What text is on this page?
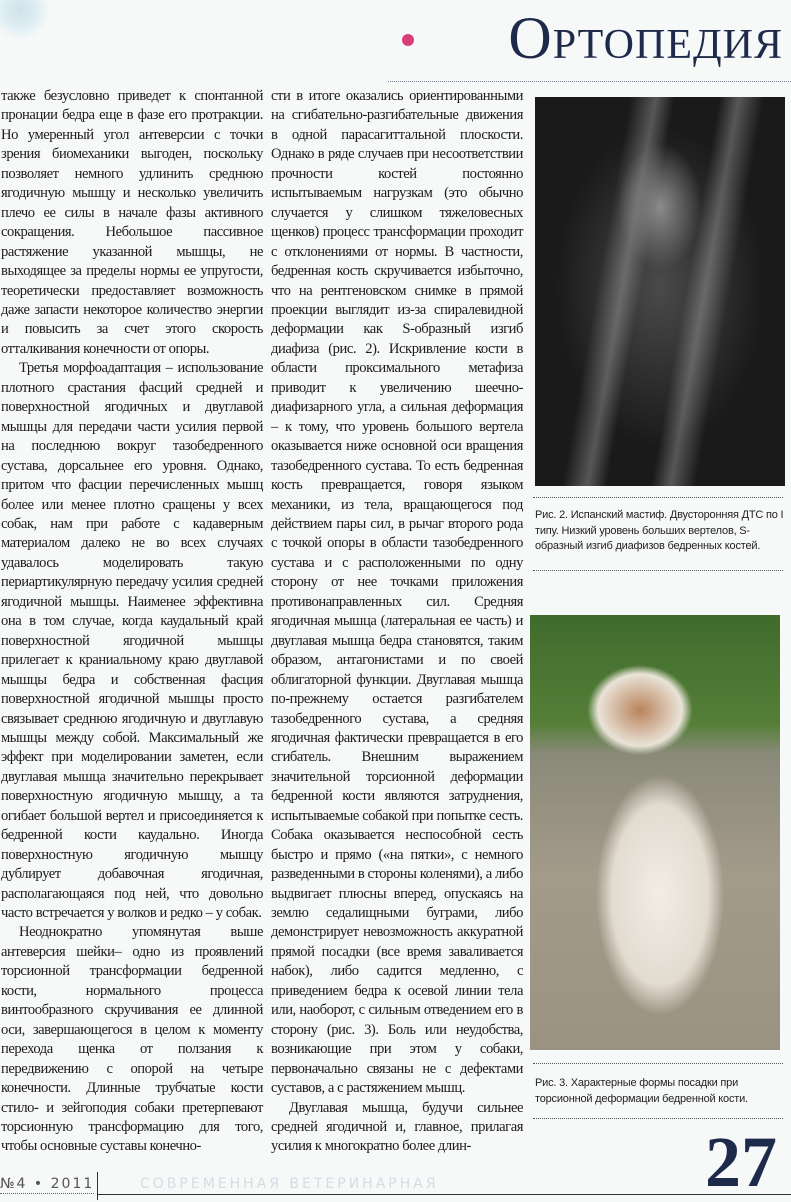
Ортопедия

также безусловно приведет к спонтанной пронации бедра еще в фазе его протракции. Но умеренный угол антеверсии с точки зрения биомеханики выгоден, поскольку позволяет немного удлинить среднюю ягодичную мышцу и несколько увеличить плечо ее силы в начале фазы активного сокращения. Небольшое пассивное растяжение указанной мышцы, не выходящее за пределы нормы ее упругости, теоретически предоставляет возможность даже запасти некоторое количество энергии и повысить за счет этого скорость отталкивания конечности от опоры.

Третья морфоадаптация – использование плотного срастания фасций средней и поверхностной ягодичных и двуглавой мышцы для передачи части усилия первой на последнюю вокруг тазобедренного сустава, дорсальнее его уровня. Однако, притом что фасции перечисленных мышц более или менее плотно сращены у всех собак, нам при работе с кадаверным материалом далеко не во всех случаях удавалось моделировать такую периартикулярную передачу усилия средней ягодичной мышцы. Наименее эффективна она в том случае, когда каудальный край поверхностной ягодичной мышцы прилегает к краниальному краю двуглавой мышцы бедра и собственная фасция поверхностной ягодичной мышцы просто связывает среднюю ягодичную и двуглавую мышцы между собой. Максимальный же эффект при моделировании заметен, если двуглавая мышца значительно перекрывает поверхностную ягодичную мышцу, а та огибает большой вертел и присоединяется к бедренной кости каудально. Иногда поверхностную ягодичную мышцу дублирует добавочная ягодичная, располагающаяся под ней, что довольно часто встречается у волков и редко – у собак.

Неоднократно упомянутая выше антеверсия шейки– одно из проявлений торсионной трансформации бедренной кости, нормального процесса винтообразного скручивания ее длинной оси, завершающегося в целом к моменту перехода щенка от ползания к передвижению с опорой на четыре конечности. Длинные трубчатые кости стило- и зейгоподия собаки претерпевают торсионную трансформацию для того, чтобы основные суставы конечно-

сти в итоге оказались ориентированными на сгибательно-разгибательные движения в одной парасагиттальной плоскости. Однако в ряде случаев при несоответствии прочности костей постоянно испытываемым нагрузкам (это обычно случается у слишком тяжеловесных щенков) процесс трансформации проходит с отклонениями от нормы. В частности, бедренная кость скручивается избыточно, что на рентгеновском снимке в прямой проекции выглядит из-за спиралевидной деформации как S-образный изгиб диафиза (рис. 2). Искривление кости в области проксимального метафиза приводит к увеличению шеечно-диафизарного угла, а сильная деформация – к тому, что уровень большого вертела оказывается ниже основной оси вращения тазобедренного сустава. То есть бедренная кость превращается, говоря языком механики, из тела, вращающегося под действием пары сил, в рычаг второго рода с точкой опоры в области тазобедренного сустава и с расположенными по одну сторону от нее точками приложения противонаправленных сил. Средняя ягодичная мышца (латеральная ее часть) и двуглавая мышца бедра становятся, таким образом, антагонистами и по своей облигаторной функции. Двуглавая мышца по-прежнему остается разгибателем тазобедренного сустава, а средняя ягодичная фактически превращается в его сгибатель. Внешним выражением значительной торсионной деформации бедренной кости являются затруднения, испытываемые собакой при попытке сесть. Собака оказывается неспособной сесть быстро и прямо («на пятки», с немного разведенными в стороны коленями), а либо выдвигает плюсны вперед, опускаясь на землю седалищными буграми, либо демонстрирует невозможность аккуратной прямой посадки (все время заваливается набок), либо садится медленно, с приведением бедра к осевой линии тела или, наоборот, с сильным отведением его в сторону (рис. 3). Боль или неудобства, возникающие при этом у собаки, первоначально связаны не с дефектами суставов, а с растяжением мышц.

Двуглавая мышца, будучи сильнее средней ягодичной и, главное, прилагая усилия к многократно более длин-

Рис. 2. Испанский мастиф. Двусторонняя ДТС по I типу. Низкий уровень больших вертелов, S-образный изгиб диафизов бедренных костей.
Рис. 3. Характерные формы посадки при торсионной деформации бедренной кости.
№4 • 2011	СОВРЕМЕННАЯ ВЕТЕРИНАРНАЯ	27
